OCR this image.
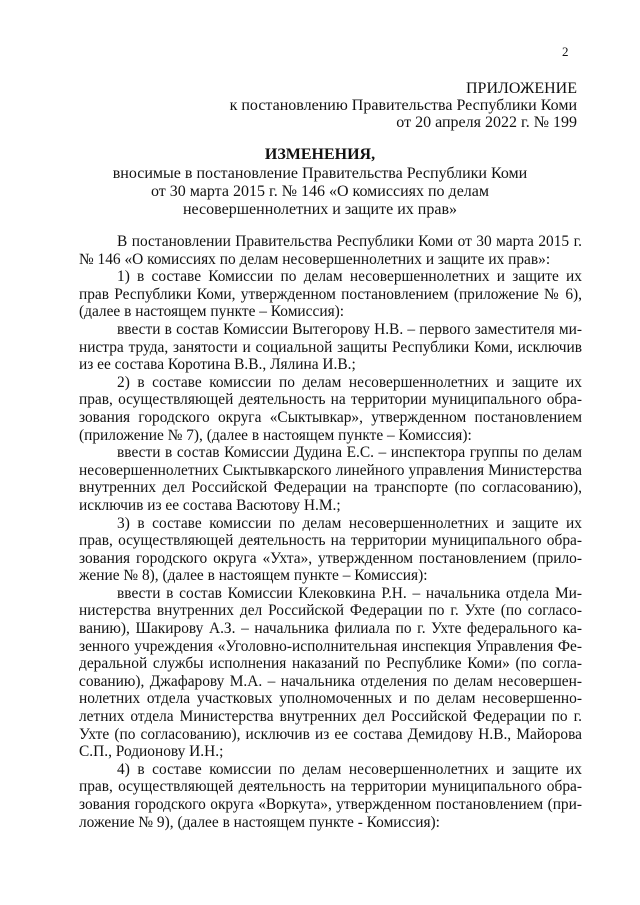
2
ПРИЛОЖЕНИЕ
к постановлению Правительства Республики Коми
от 20 апреля 2022 г. № 199
ИЗМЕНЕНИЯ,
вносимые в постановление Правительства Республики Коми
от 30 марта 2015 г. № 146 «О комиссиях по делам
несовершеннолетних и защите их прав»
В постановлении Правительства Республики Коми от 30 марта 2015 г.
№ 146 «О комиссиях по делам несовершеннолетних и защите их прав»:
1) в составе Комиссии по делам несовершеннолетних и защите их
прав Республики Коми, утвержденном постановлением (приложение № 6),
(далее в настоящем пункте – Комиссия):
ввести в состав Комиссии Вытегорову Н.В. – первого заместителя ми-
нистра труда, занятости и социальной защиты Республики Коми, исключив
из ее состава Коротина В.В., Лялина И.В.;
2) в составе комиссии по делам несовершеннолетних и защите их
прав, осуществляющей деятельность на территории муниципального обра-
зования городского округа «Сыктывкар», утвержденном постановлением
(приложение № 7), (далее в настоящем пункте – Комиссия):
ввести в состав Комиссии Дудина Е.С. – инспектора группы по делам
несовершеннолетних Сыктывкарского линейного управления Министерства
внутренних дел Российской Федерации на транспорте (по согласованию),
исключив из ее состава Васютову Н.М.;
3) в составе комиссии по делам несовершеннолетних и защите их
прав, осуществляющей деятельность на территории муниципального обра-
зования городского округа «Ухта», утвержденном постановлением (прило-
жение № 8), (далее в настоящем пункте – Комиссия):
ввести в состав Комиссии Клековкина Р.Н. – начальника отдела Ми-
нистерства внутренних дел Российской Федерации по г. Ухте (по согласо-
ванию), Шакирову А.З. – начальника филиала по г. Ухте федерального ка-
зенного учреждения «Уголовно-исполнительная инспекция Управления Фе-
деральной службы исполнения наказаний по Республике Коми» (по согла-
сованию), Джафарову М.А. – начальника отделения по делам несовершен-
нолетних отдела участковых уполномоченных и по делам несовершенно-
летних отдела Министерства внутренних дел Российской Федерации по г.
Ухте (по согласованию), исключив из ее состава Демидову Н.В., Майорова
С.П., Родионову И.Н.;
4) в составе комиссии по делам несовершеннолетних и защите их
прав, осуществляющей деятельность на территории муниципального обра-
зования городского округа «Воркута», утвержденном постановлением (при-
ложение № 9), (далее в настоящем пункте - Комиссия):
